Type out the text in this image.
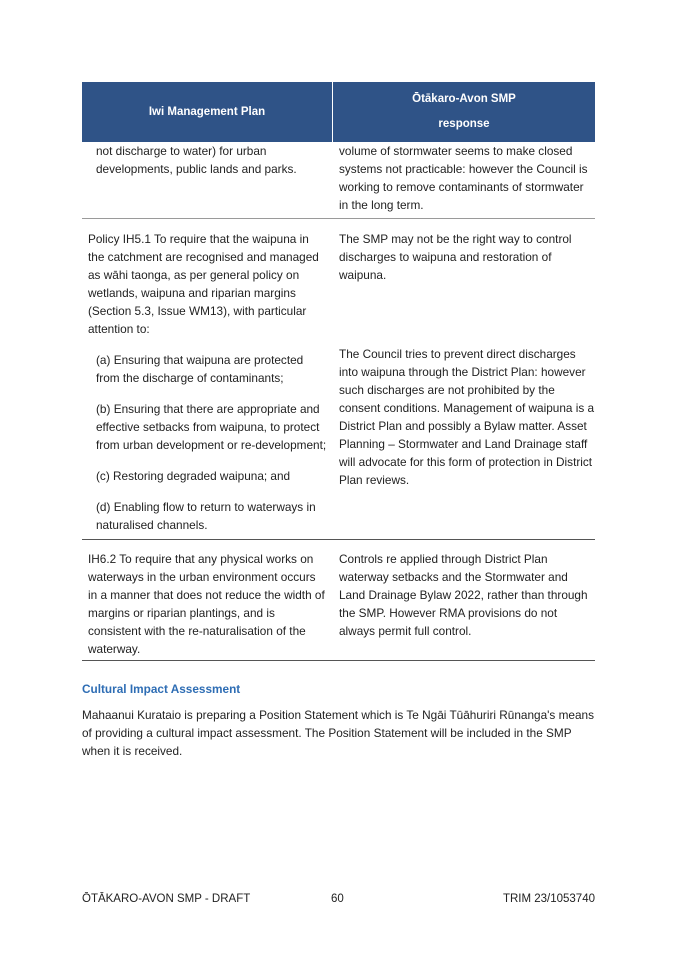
Iwi Management Plan
Ōtākaro-Avon SMP
response

not discharge to water) for urban

developments, public lands and parks.

volume of stormwater seems to make closed systems not practicable: however the Council is working to remove contaminants of stormwater in the long term.

Policy IH5.1 To require that the waipuna in the catchment are recognised and managed as wāhi taonga, as per general policy on wetlands, waipuna and riparian margins (Section 5.3, Issue WM13), with particular attention to:

(a) Ensuring that waipuna are protected from the discharge of contaminants;

(b) Ensuring that there are appropriate and effective setbacks from waipuna, to protect from urban development or re-development;

(c) Restoring degraded waipuna; and

(d) Enabling flow to return to waterways in naturalised channels.

The SMP may not be the right way to control discharges to waipuna and restoration of waipuna.

The Council tries to prevent direct discharges into waipuna through the District Plan: however such discharges are not prohibited by the consent conditions. Management of waipuna is a District Plan and possibly a Bylaw matter. Asset Planning – Stormwater and Land Drainage staff will advocate for this form of protection in District Plan reviews.

IH6.2 To require that any physical works on waterways in the urban environment occurs in a manner that does not reduce the width of margins or riparian plantings, and is consistent with the re-naturalisation of the waterway.

Controls re applied through District Plan waterway setbacks and the Stormwater and Land Drainage Bylaw 2022, rather than through the SMP. However RMA provisions do not always permit full control.

Cultural Impact Assessment

Mahaanui Kurataio is preparing a Position Statement which is Te Ngāi Tūāhuriri Rūnanga's means of providing a cultural impact assessment. The Position Statement will be included in the SMP when it is received.

ŌTĀKARO-AVON SMP - DRAFT	60	TRIM 23/1053740
